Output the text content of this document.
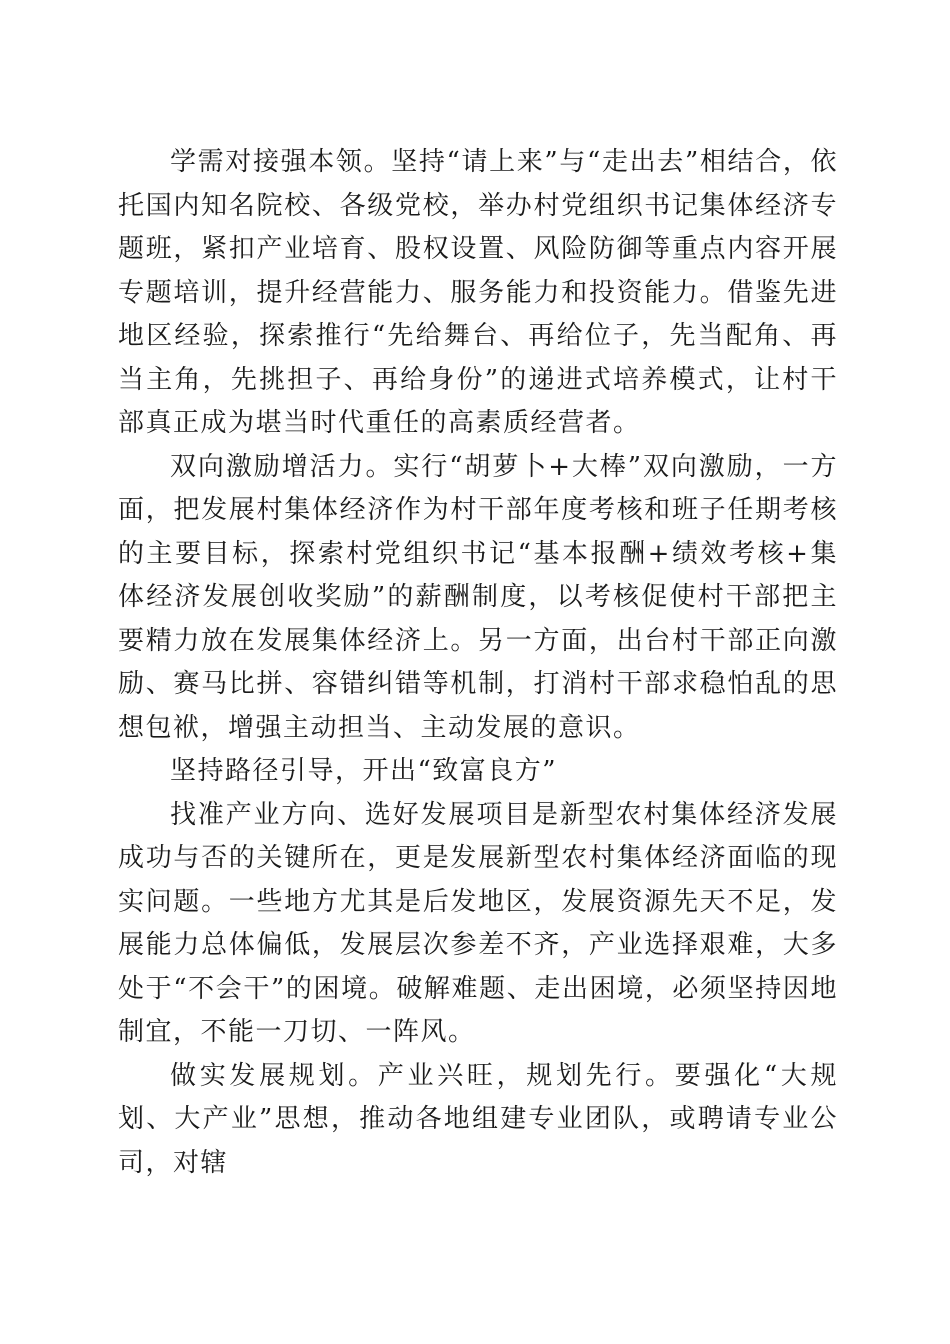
学需对接强本领。坚持“请上来”与“走出去”相结合，依托国内知名院校、各级党校，举办村党组织书记集体经济专题班，紧扣产业培育、股权设置、风险防御等重点内容开展专题培训，提升经营能力、服务能力和投资能力。借鉴先进地区经验，探索推行“先给舞台、再给位子，先当配角、再当主角，先挑担子、再给身份”的递进式培养模式，让村干部真正成为堪当时代重任的高素质经营者。

双向激励增活力。实行“胡萝卜+大棒”双向激励，一方面，把发展村集体经济作为村干部年度考核和班子任期考核的主要目标，探索村党组织书记“基本报酬+绩效考核+集体经济发展创收奖励”的薪酬制度，以考核促使村干部把主要精力放在发展集体经济上。另一方面，出台村干部正向激励、赛马比拼、容错纠错等机制，打消村干部求稳怕乱的思想包袱，增强主动担当、主动发展的意识。

坚持路径引导，开出“致富良方”

找准产业方向、选好发展项目是新型农村集体经济发展成功与否的关键所在，更是发展新型农村集体经济面临的现实问题。一些地方尤其是后发地区，发展资源先天不足，发展能力总体偏低，发展层次参差不齐，产业选择艰难，大多处于“不会干”的困境。破解难题、走出困境，必须坚持因地制宜，不能一刀切、一阵风。

做实发展规划。产业兴旺，规划先行。要强化“大规划、大产业”思想，推动各地组建专业团队，或聘请专业公司，对辖
